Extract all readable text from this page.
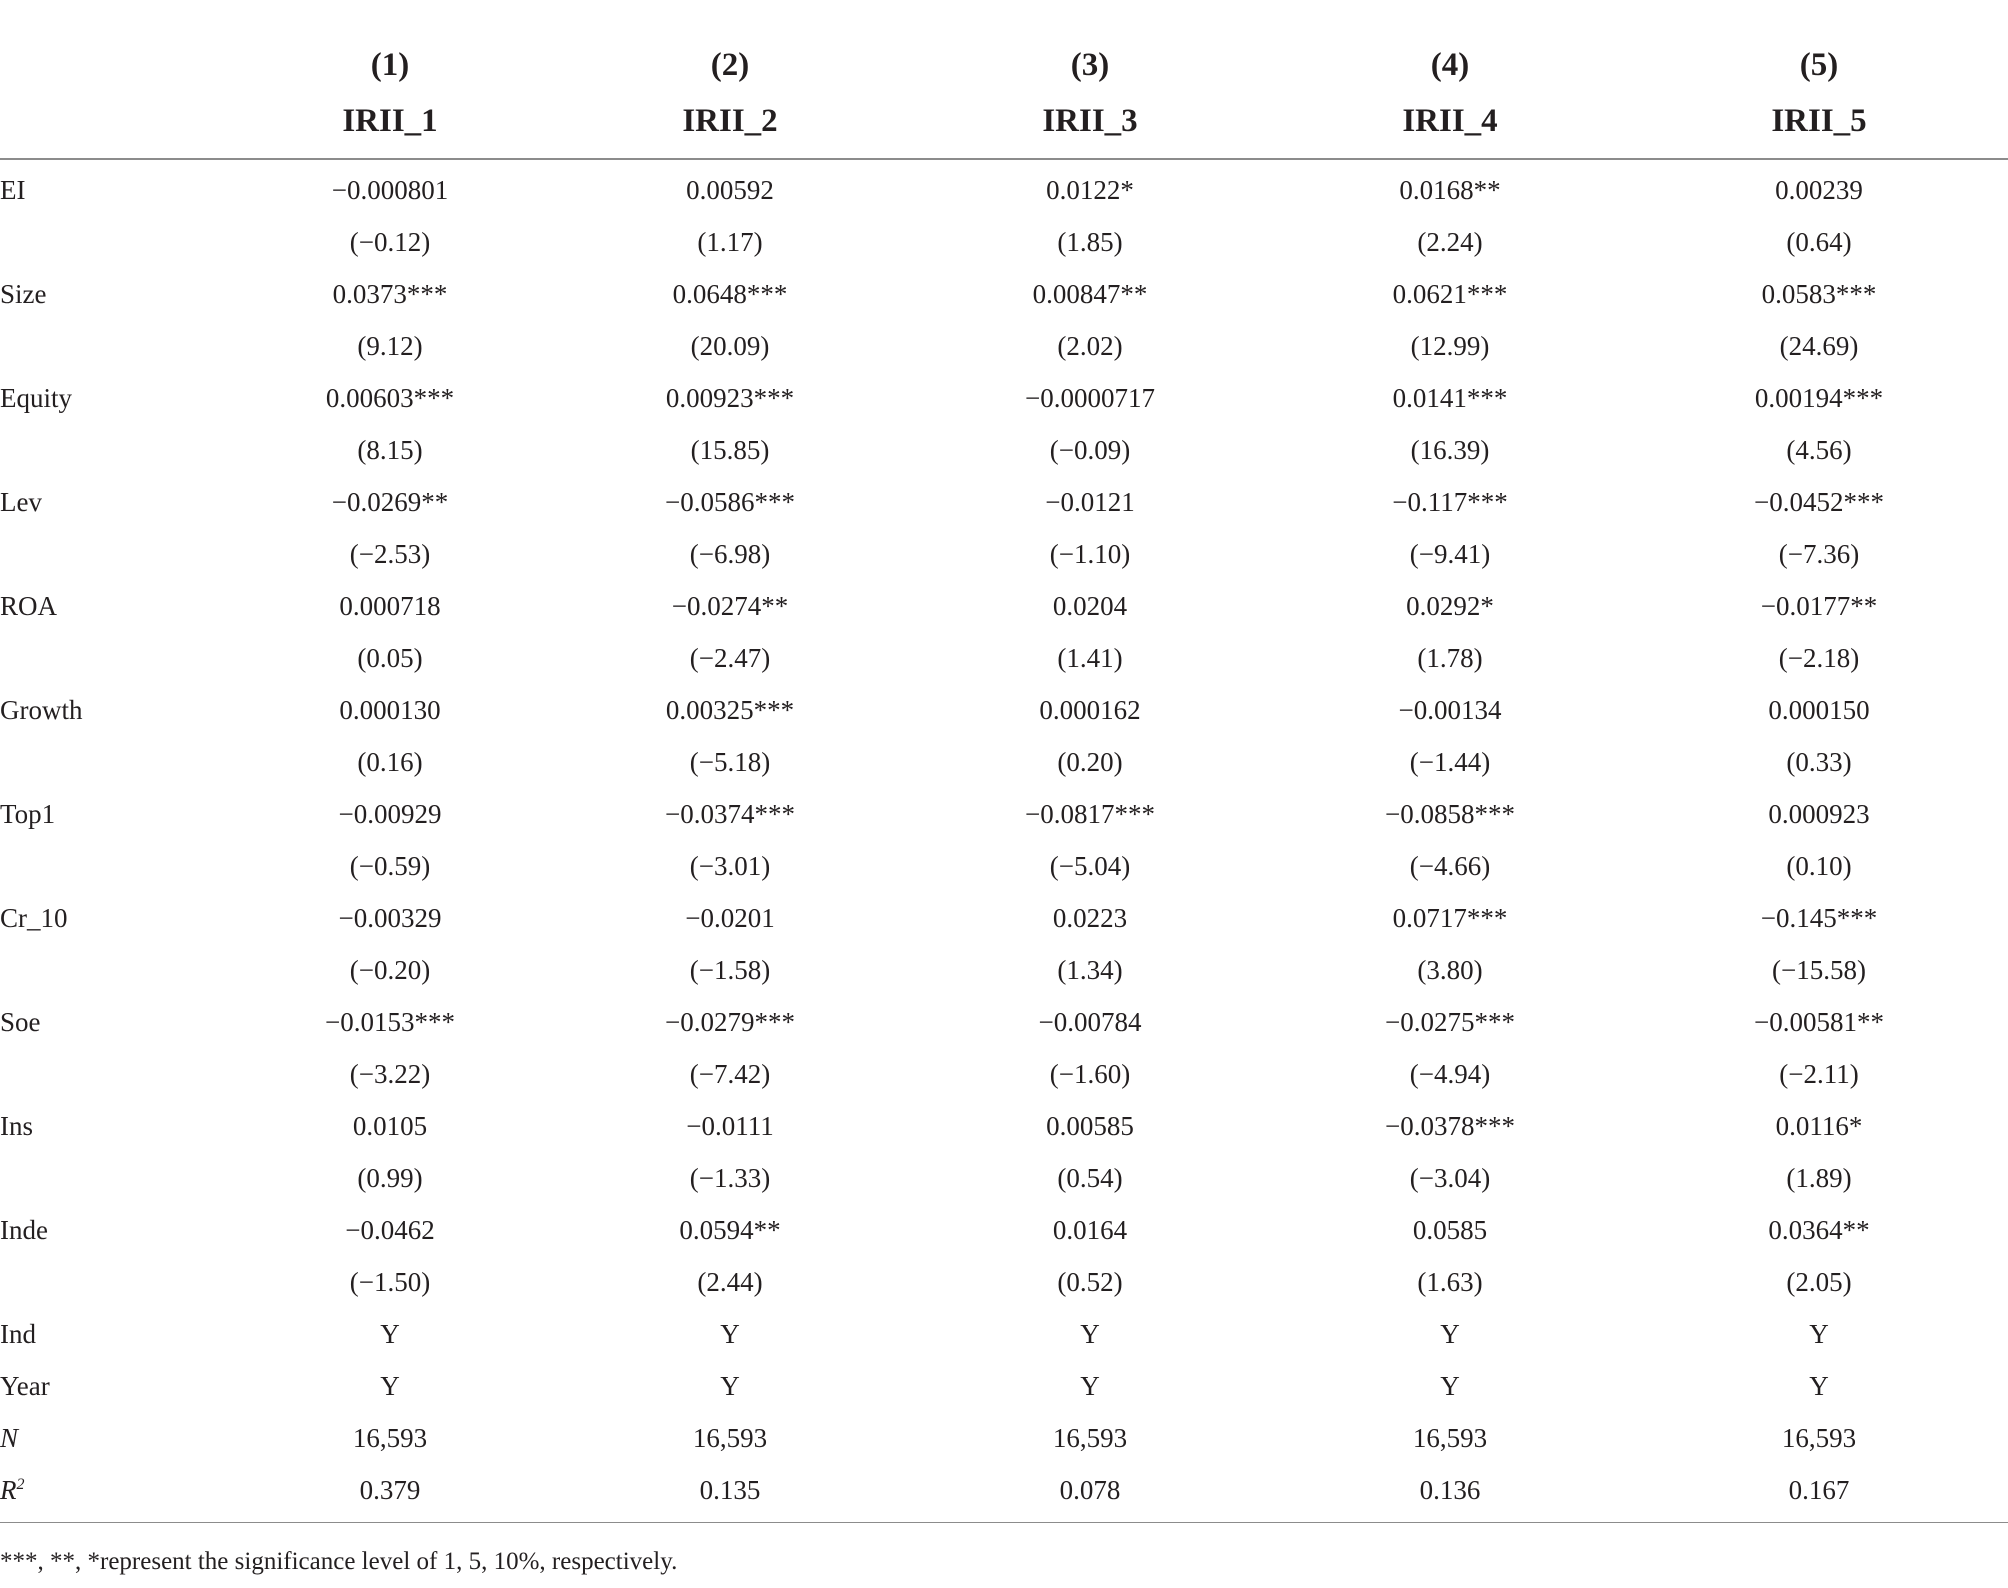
	(1)	(2)	(3)	(4)	(5)
	IRII_1	IRII_2	IRII_3	IRII_4	IRII_5
EI	−0.000801	0.00592	0.0122*	0.0168**	0.00239
	(−0.12)	(1.17)	(1.85)	(2.24)	(0.64)
Size	0.0373***	0.0648***	0.00847**	0.0621***	0.0583***
	(9.12)	(20.09)	(2.02)	(12.99)	(24.69)
Equity	0.00603***	0.00923***	−0.0000717	0.0141***	0.00194***
	(8.15)	(15.85)	(−0.09)	(16.39)	(4.56)
Lev	−0.0269**	−0.0586***	−0.0121	−0.117***	−0.0452***
	(−2.53)	(−6.98)	(−1.10)	(−9.41)	(−7.36)
ROA	0.000718	−0.0274**	0.0204	0.0292*	−0.0177**
	(0.05)	(−2.47)	(1.41)	(1.78)	(−2.18)
Growth	0.000130	0.00325***	0.000162	−0.00134	0.000150
	(0.16)	(−5.18)	(0.20)	(−1.44)	(0.33)
Top1	−0.00929	−0.0374***	−0.0817***	−0.0858***	0.000923
	(−0.59)	(−3.01)	(−5.04)	(−4.66)	(0.10)
Cr_10	−0.00329	−0.0201	0.0223	0.0717***	−0.145***
	(−0.20)	(−1.58)	(1.34)	(3.80)	(−15.58)
Soe	−0.0153***	−0.0279***	−0.00784	−0.0275***	−0.00581**
	(−3.22)	(−7.42)	(−1.60)	(−4.94)	(−2.11)
Ins	0.0105	−0.0111	0.00585	−0.0378***	0.0116*
	(0.99)	(−1.33)	(0.54)	(−3.04)	(1.89)
Inde	−0.0462	0.0594**	0.0164	0.0585	0.0364**
	(−1.50)	(2.44)	(0.52)	(1.63)	(2.05)
Ind	Y	Y	Y	Y	Y
Year	Y	Y	Y	Y	Y
N	16,593	16,593	16,593	16,593	16,593
$R^2$	0.379	0.135	0.078	0.136	0.167
***, **, *represent the significance level of 1, 5, 10%, respectively.
